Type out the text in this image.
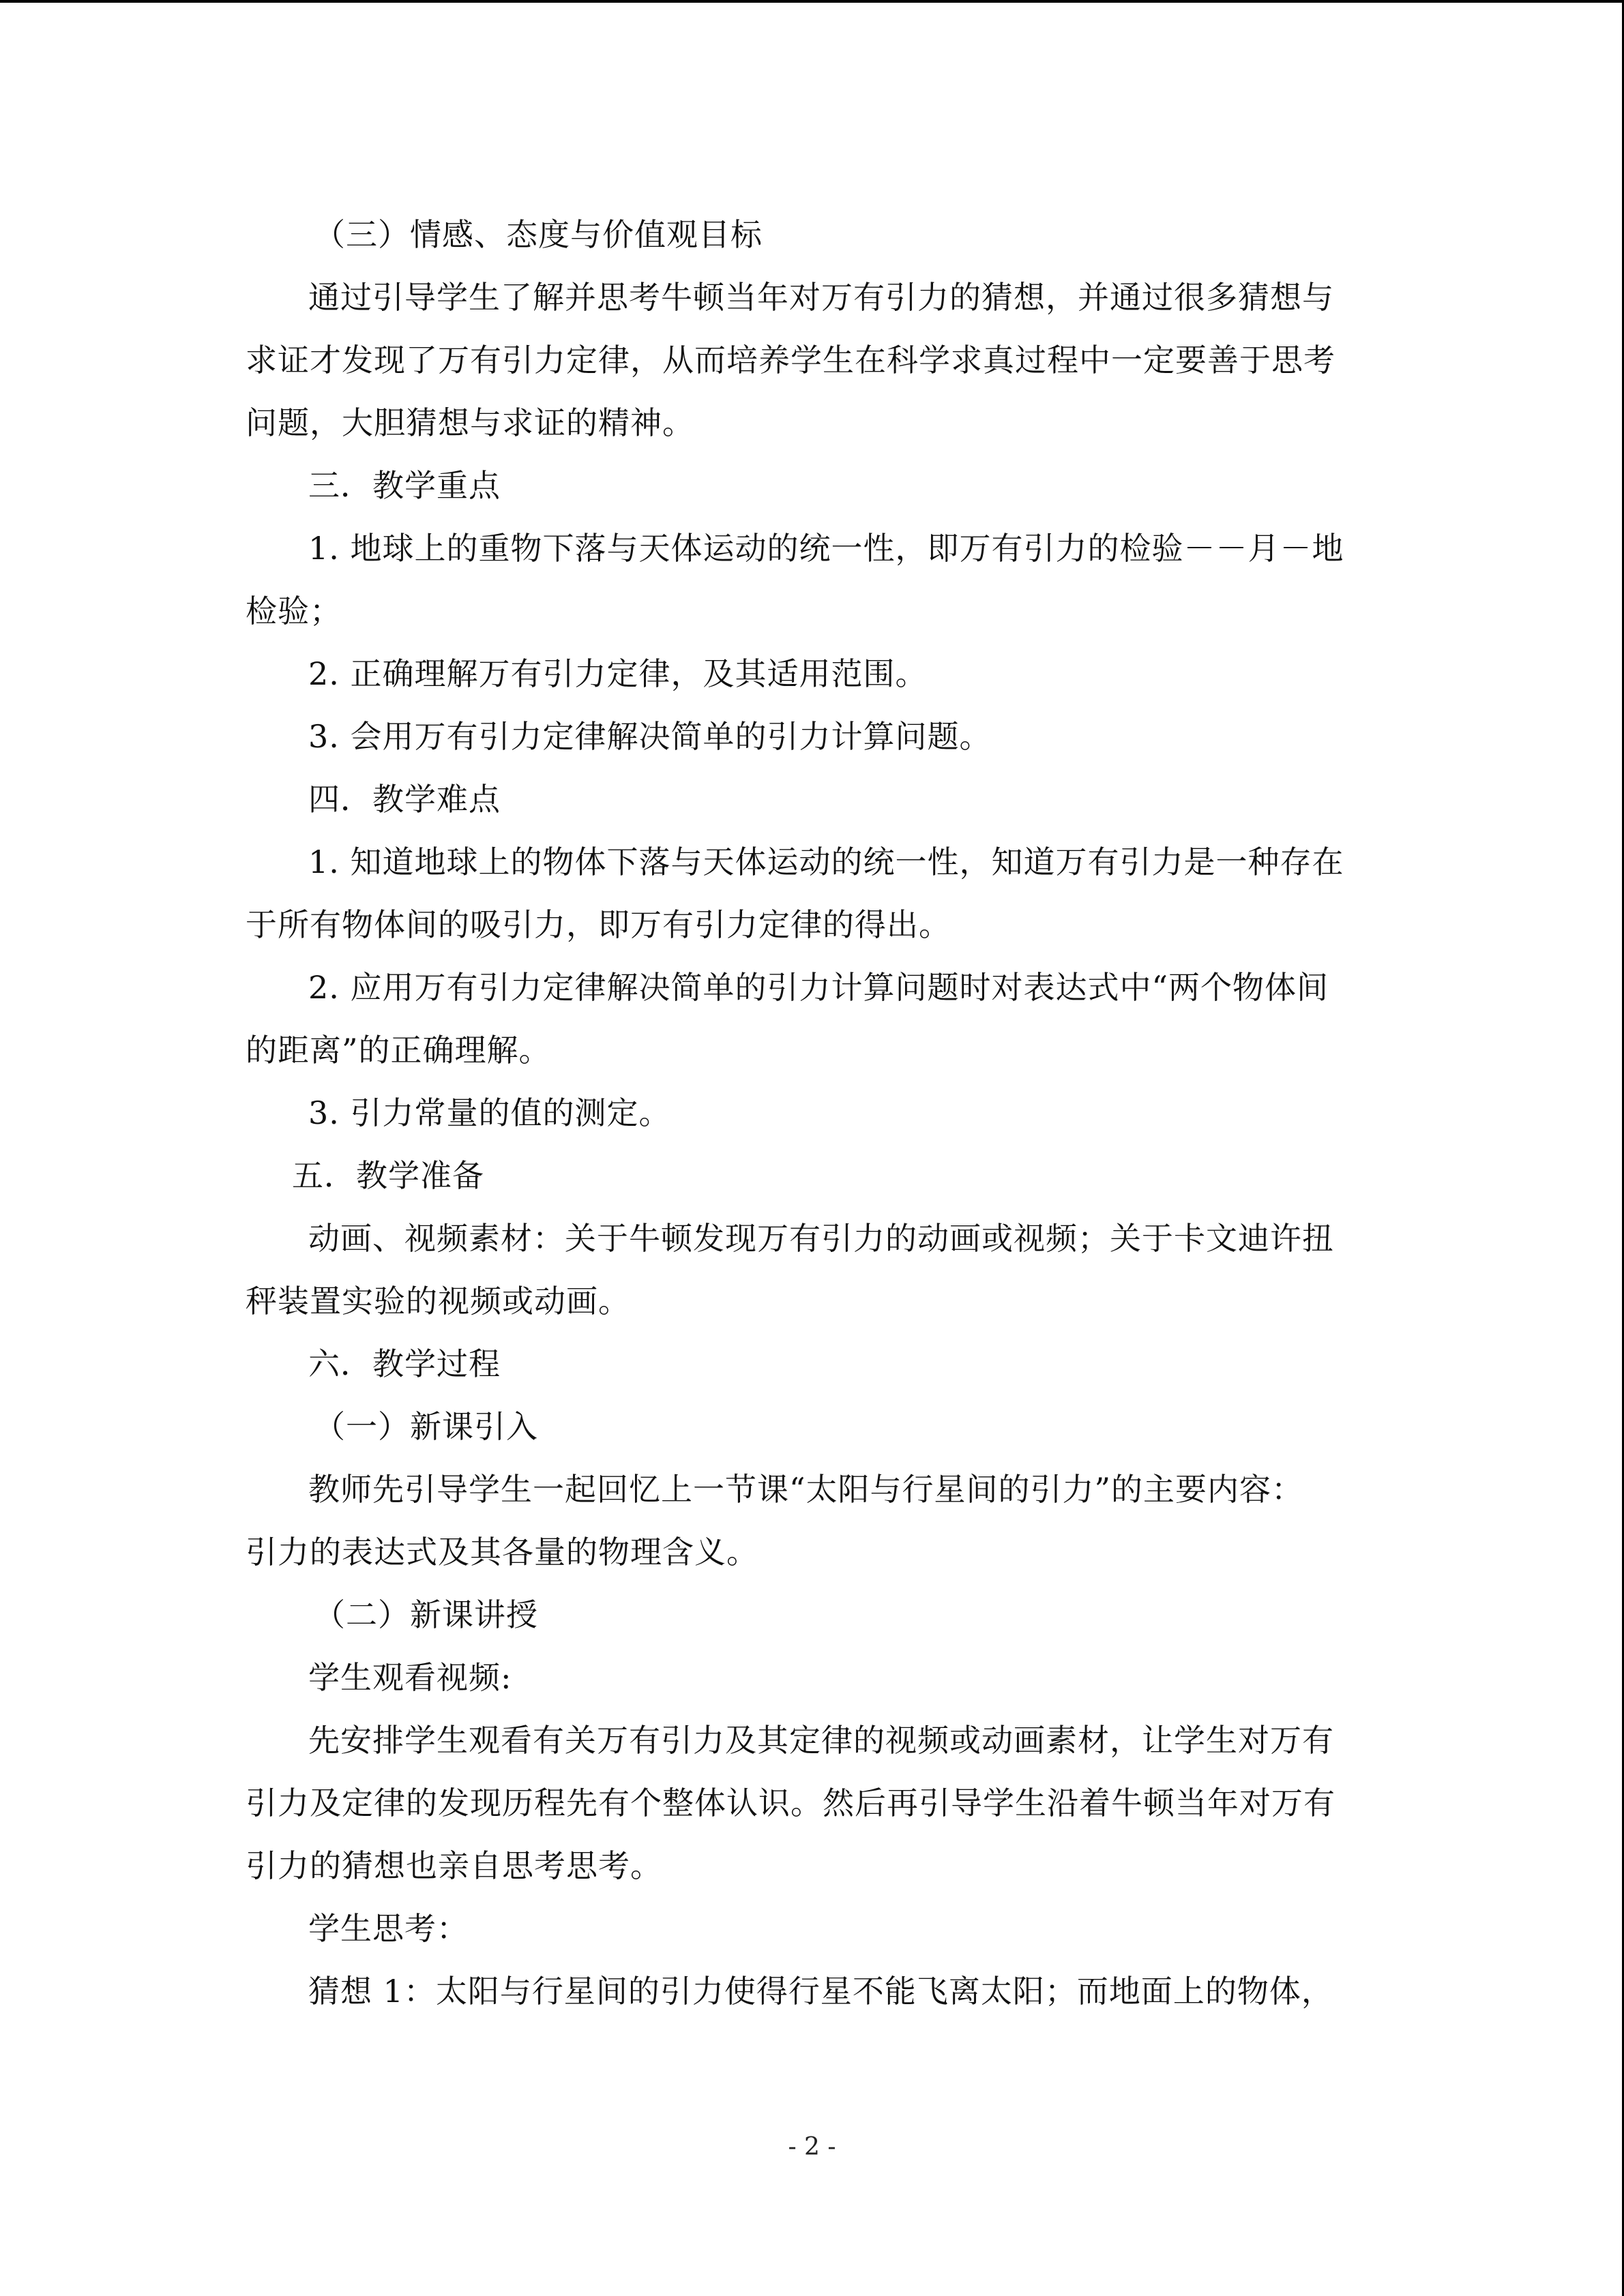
（三）情感、态度与价值观目标

通过引导学生了解并思考牛顿当年对万有引力的猜想，并通过很多猜想与

求证才发现了万有引力定律，从而培养学生在科学求真过程中一定要善于思考

问题，大胆猜想与求证的精神。

三．教学重点

1. 地球上的重物下落与天体运动的统一性，即万有引力的检验－－月－地

检验；

2. 正确理解万有引力定律，及其适用范围。

3. 会用万有引力定律解决简单的引力计算问题。

四．教学难点

1. 知道地球上的物体下落与天体运动的统一性，知道万有引力是一种存在

于所有物体间的吸引力，即万有引力定律的得出。

2. 应用万有引力定律解决简单的引力计算问题时对表达式中“两个物体间

的距离”的正确理解。

3. 引力常量的值的测定。

五．教学准备

动画、视频素材：关于牛顿发现万有引力的动画或视频；关于卡文迪许扭

秤装置实验的视频或动画。

六．教学过程

（一）新课引入

教师先引导学生一起回忆上一节课“太阳与行星间的引力”的主要内容：

引力的表达式及其各量的物理含义。

（二）新课讲授

学生观看视频:

先安排学生观看有关万有引力及其定律的视频或动画素材，让学生对万有

引力及定律的发现历程先有个整体认识。然后再引导学生沿着牛顿当年对万有

引力的猜想也亲自思考思考。

学生思考：

猜想 1：太阳与行星间的引力使得行星不能飞离太阳；而地面上的物体，

- 2 -
